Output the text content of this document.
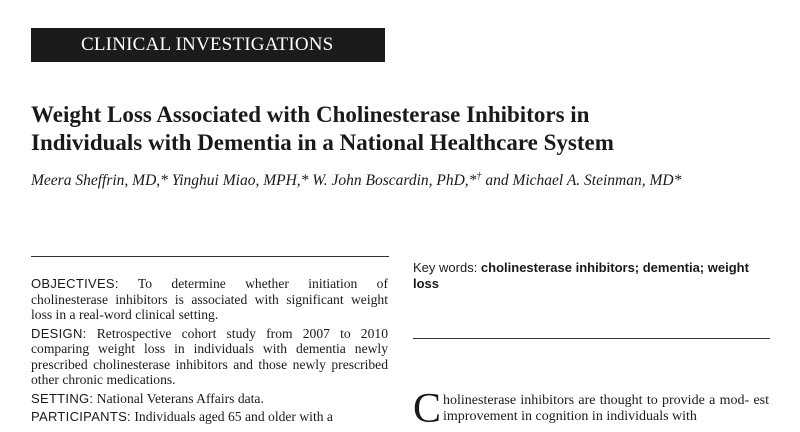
CLINICAL INVESTIGATIONS
Weight Loss Associated with Cholinesterase Inhibitors in
Individuals with Dementia in a National Healthcare System
Meera Sheffrin, MD,* Yinghui Miao, MPH,* W. John Boscardin, PhD,*† and Michael A. Steinman, MD*

OBJECTIVES: To determine whether initiation of cholinesterase inhibitors is associated with significant weight loss in a real-word clinical setting.

DESIGN: Retrospective cohort study from 2007 to 2010 comparing weight loss in individuals with dementia newly prescribed cholinesterase inhibitors and those newly prescribed other chronic medications.

SETTING: National Veterans Affairs data.

PARTICIPANTS: Individuals aged 65 and older with a

Key words: cholinesterase inhibitors; dementia; weight loss
Cholinesterase inhibitors are thought to provide a mod- est improvement in cognition in individuals with
